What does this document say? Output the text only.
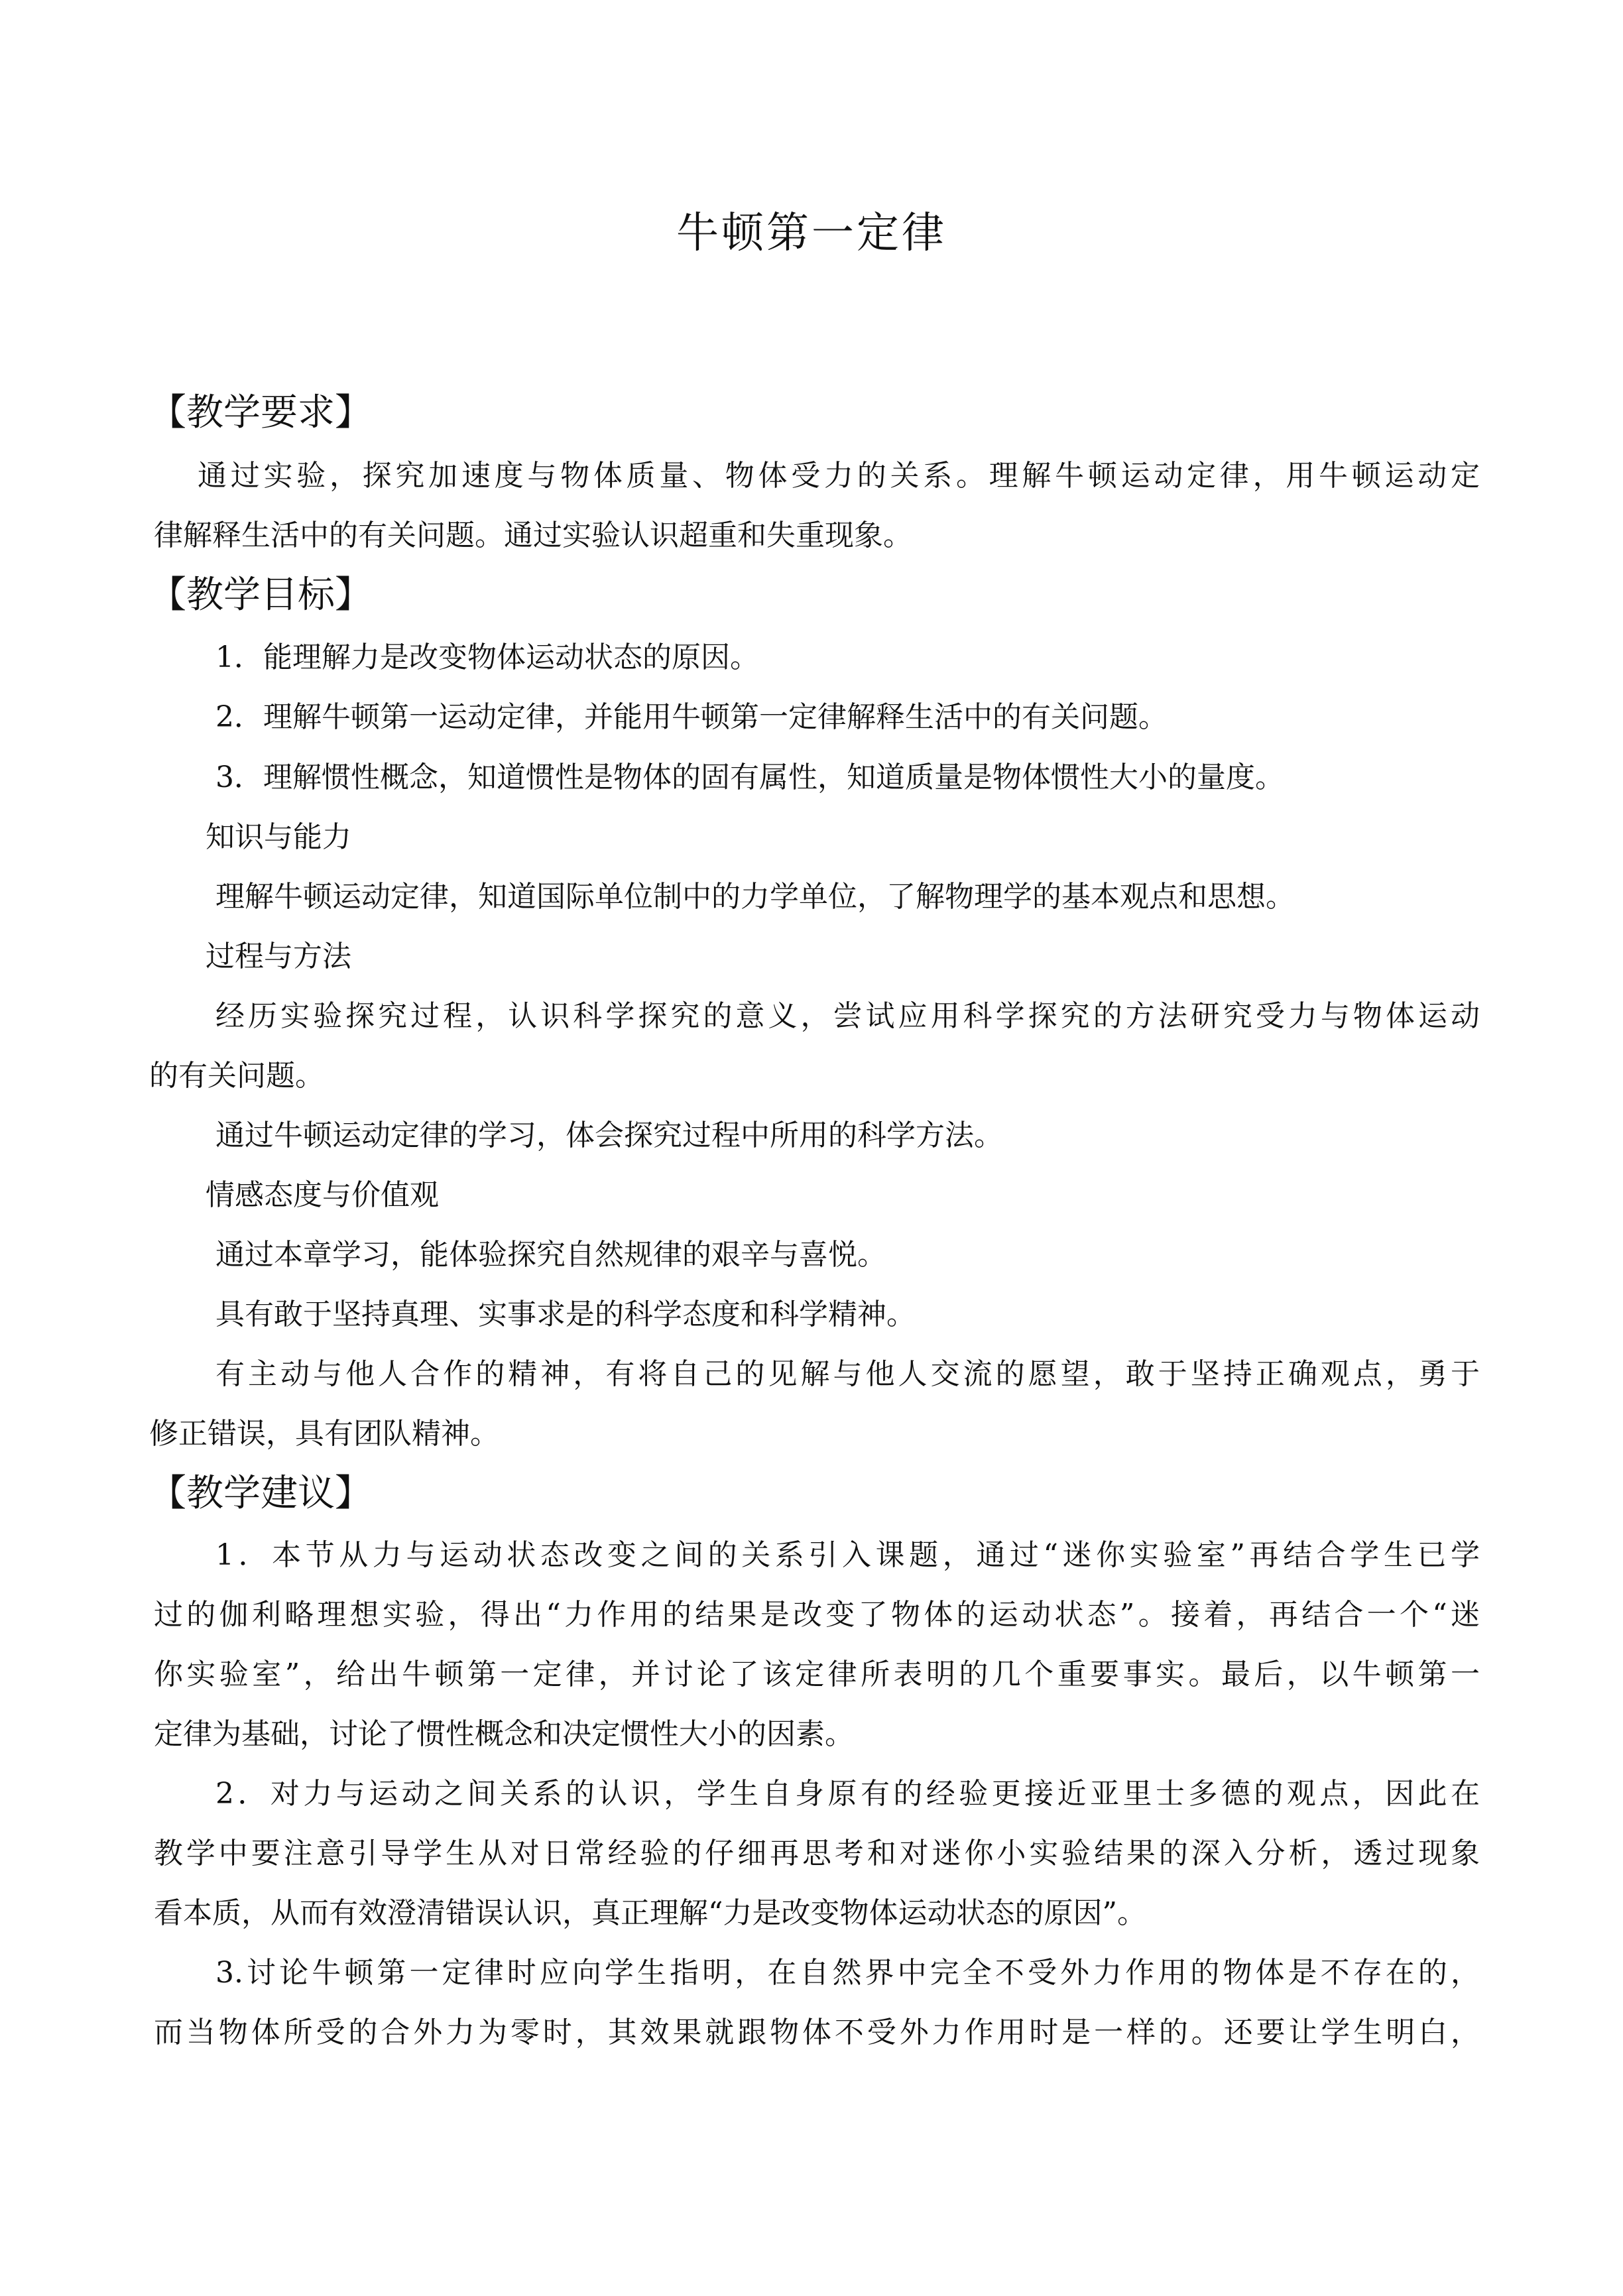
牛顿第一定律
【教学要求】
通过实验，探究加速度与物体质量、物体受力的关系。理解牛顿运动定律，用牛顿运动定
律解释生活中的有关问题。通过实验认识超重和失重现象。
【教学目标】
1．能理解力是改变物体运动状态的原因。
2．理解牛顿第一运动定律，并能用牛顿第一定律解释生活中的有关问题。
3．理解惯性概念，知道惯性是物体的固有属性，知道质量是物体惯性大小的量度。
知识与能力
理解牛顿运动定律，知道国际单位制中的力学单位，了解物理学的基本观点和思想。
过程与方法
经历实验探究过程，认识科学探究的意义，尝试应用科学探究的方法研究受力与物体运动
的有关问题。
通过牛顿运动定律的学习，体会探究过程中所用的科学方法。
情感态度与价值观
通过本章学习，能体验探究自然规律的艰辛与喜悦。
具有敢于坚持真理、实事求是的科学态度和科学精神。
有主动与他人合作的精神，有将自己的见解与他人交流的愿望，敢于坚持正确观点，勇于
修正错误，具有团队精神。
【教学建议】
1．本节从力与运动状态改变之间的关系引入课题，通过“迷你实验室”再结合学生已学
过的伽利略理想实验，得出“力作用的结果是改变了物体的运动状态”。接着，再结合一个“迷
你实验室”，给出牛顿第一定律，并讨论了该定律所表明的几个重要事实。最后，以牛顿第一
定律为基础，讨论了惯性概念和决定惯性大小的因素。
2．对力与运动之间关系的认识，学生自身原有的经验更接近亚里士多德的观点，因此在
教学中要注意引导学生从对日常经验的仔细再思考和对迷你小实验结果的深入分析，透过现象
看本质，从而有效澄清错误认识，真正理解“力是改变物体运动状态的原因”。
3.讨论牛顿第一定律时应向学生指明，在自然界中完全不受外力作用的物体是不存在的，
而当物体所受的合外力为零时，其效果就跟物体不受外力作用时是一样的。还要让学生明白，
